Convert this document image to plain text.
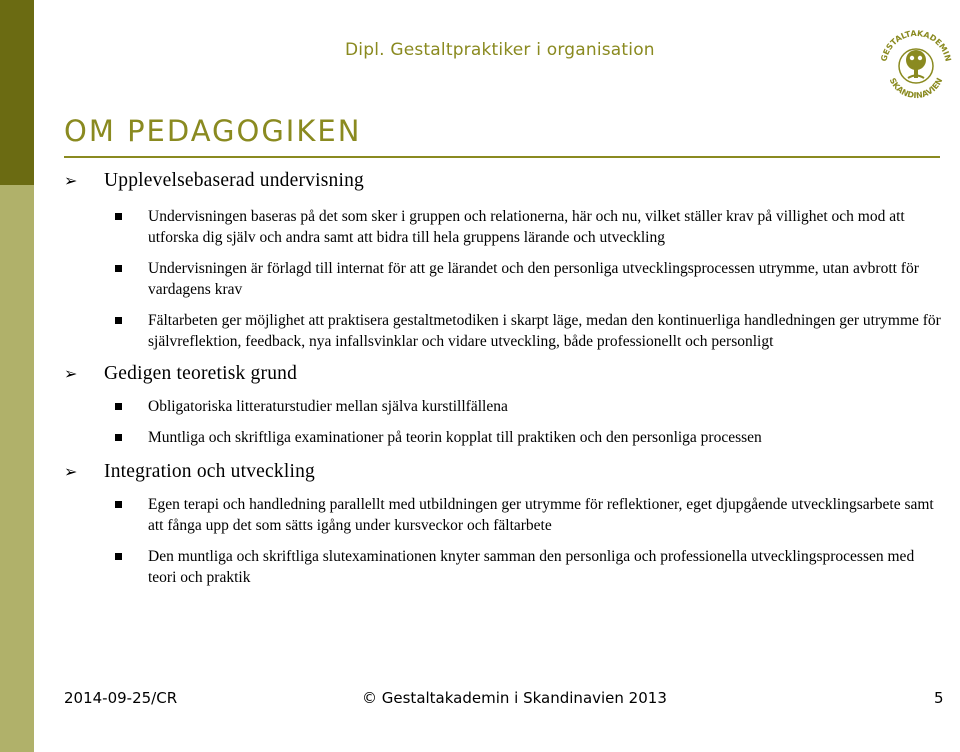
Dipl. Gestaltpraktiker i organisation	GESTALTAKADEMIN
SKANDINAVIEN
OM PEDAGOGIKEN
➢	Upplevelsebaserad undervisning
Undervisningen baseras på det som sker i gruppen och relationerna, här och nu, vilket ställer krav på villighet och mod att utforska dig själv och andra samt att bidra till hela gruppens lärande och utveckling
Undervisningen är förlagd till internat för att ge lärandet och den personliga utvecklingsprocessen utrymme, utan avbrott för vardagens krav
Fältarbeten ger möjlighet att praktisera gestaltmetodiken i skarpt läge, medan den kontinuerliga handledningen ger utrymme för självreflektion, feedback, nya infallsvinklar och vidare utveckling, både professionellt och personligt
➢	Gedigen teoretisk grund
Obligatoriska litteraturstudier mellan själva kurstillfällena
Muntliga och skriftliga examinationer på teorin kopplat till praktiken och den personliga processen
➢	Integration och utveckling
Egen terapi och handledning parallellt med utbildningen ger utrymme för reflektioner, eget djupgående utvecklingsarbete samt att fånga upp det som sätts igång under kursveckor och fältarbete
Den muntliga och skriftliga slutexaminationen knyter samman den personliga och professionella utvecklingsprocessen med teori och praktik
2014-09-25/CR	© Gestaltakademin i Skandinavien 2013	5
